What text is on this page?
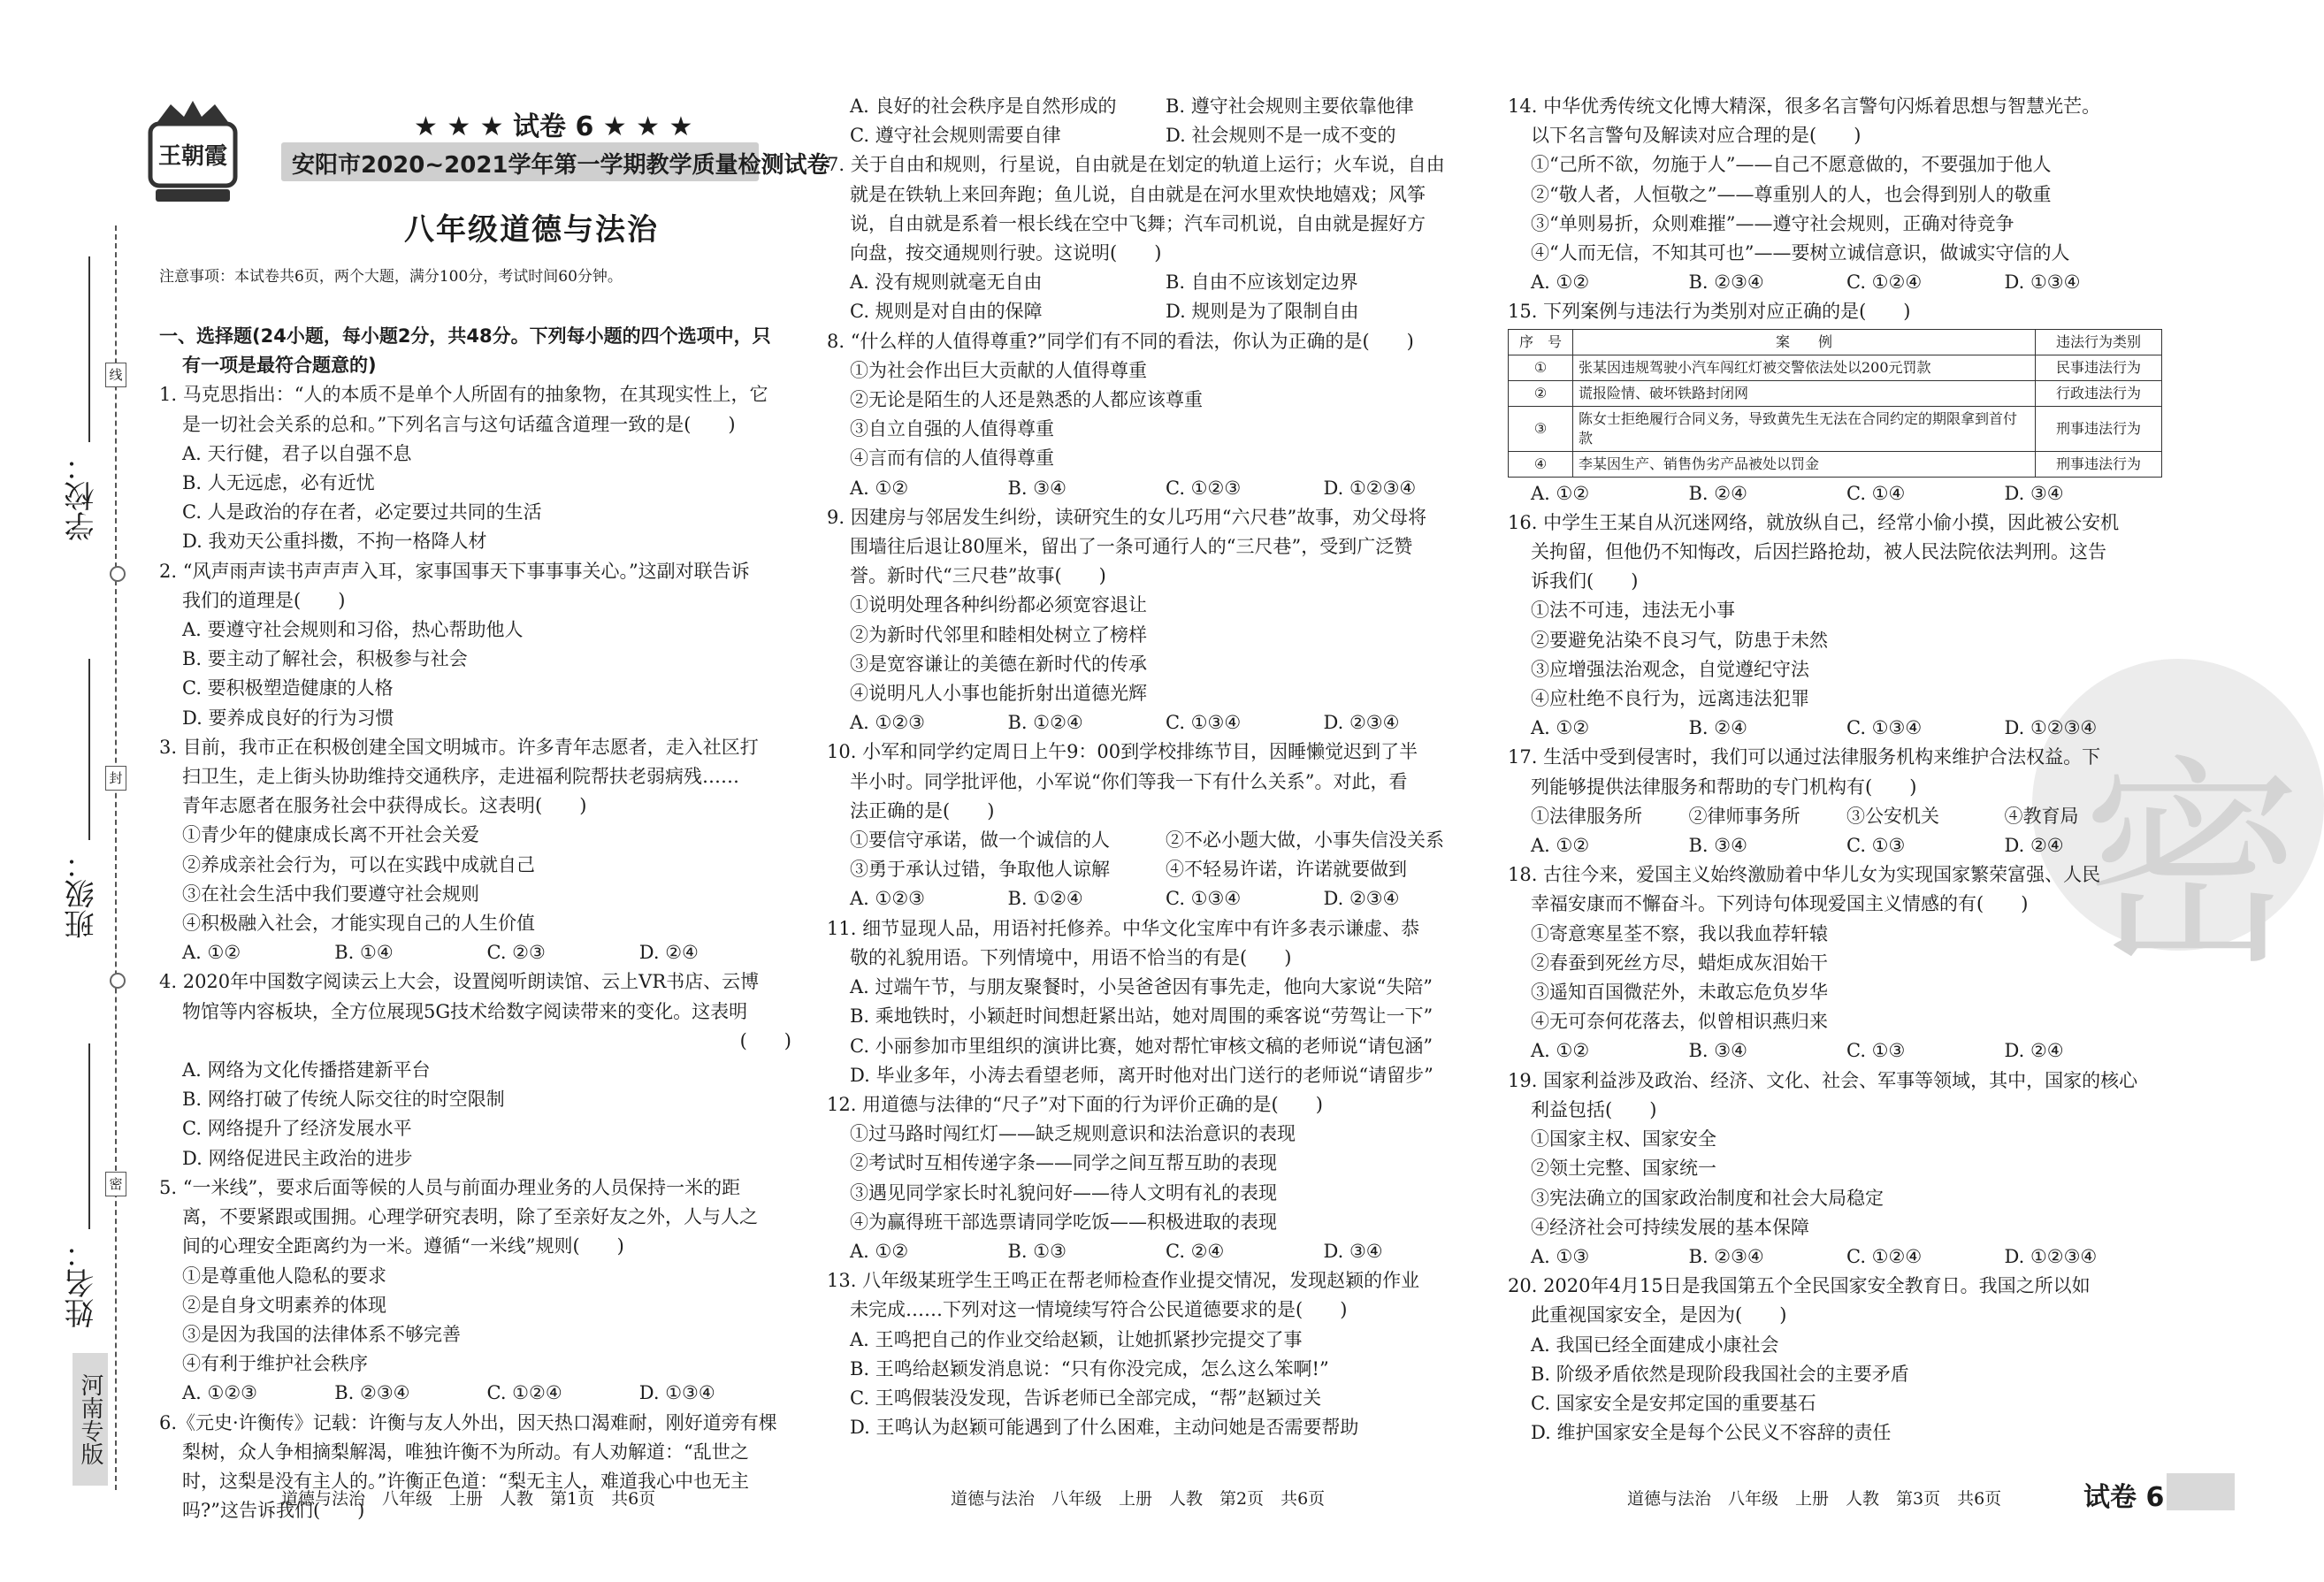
线
封
密
学校：
班级：
姓名：
河南专版
王朝霞
★ ★ ★ 试卷 6 ★ ★ ★
安阳市2020~2021学年第一学期教学质量检测试卷
八年级道德与法治
注意事项：本试卷共6页，两个大题，满分100分，考试时间60分钟。
密
一、选择题(24小题，每小题2分，共48分。下列每小题的四个选项中，只
有一项是最符合题意的)
1. 马克思指出：“人的本质不是单个人所固有的抽象物，在其现实性上，它
是一切社会关系的总和。”下列名言与这句话蕴含道理一致的是(　　)
A. 天行健，君子以自强不息
B. 人无远虑，必有近忧
C. 人是政治的存在者，必定要过共同的生活
D. 我劝天公重抖擞，不拘一格降人材
2. “风声雨声读书声声声入耳，家事国事天下事事事关心。”这副对联告诉
我们的道理是(　　)
A. 要遵守社会规则和习俗，热心帮助他人
B. 要主动了解社会，积极参与社会
C. 要积极塑造健康的人格
D. 要养成良好的行为习惯
3. 目前，我市正在积极创建全国文明城市。许多青年志愿者，走入社区打
扫卫生，走上街头协助维持交通秩序，走进福利院帮扶老弱病残……
青年志愿者在服务社会中获得成长。这表明(　　)
①青少年的健康成长离不开社会关爱
②养成亲社会行为，可以在实践中成就自己
③在社会生活中我们要遵守社会规则
④积极融入社会，才能实现自己的人生价值
A. ①②	B. ①④	C. ②③	D. ②④
4. 2020年中国数字阅读云上大会，设置阅听朗读馆、云上VR书店、云博
物馆等内容板块，全方位展现5G技术给数字阅读带来的变化。这表明
(　　)
A. 网络为文化传播搭建新平台
B. 网络打破了传统人际交往的时空限制
C. 网络提升了经济发展水平
D. 网络促进民主政治的进步
5. “一米线”，要求后面等候的人员与前面办理业务的人员保持一米的距
离，不要紧跟或围拥。心理学研究表明，除了至亲好友之外，人与人之
间的心理安全距离约为一米。遵循“一米线”规则(　　)
①是尊重他人隐私的要求
②是自身文明素养的体现
③是因为我国的法律体系不够完善
④有利于维护社会秩序
A. ①②③	B. ②③④	C. ①②④	D. ①③④
6.《元史·许衡传》记载：许衡与友人外出，因天热口渴难耐，刚好道旁有棵
梨树，众人争相摘梨解渴，唯独许衡不为所动。有人劝解道：“乱世之
时，这梨是没有主人的。”许衡正色道：“梨无主人，难道我心中也无主
吗?”这告诉我们(　　)
A. 良好的社会秩序是自然形成的	B. 遵守社会规则主要依靠他律
C. 遵守社会规则需要自律	D. 社会规则不是一成不变的
7. 关于自由和规则，行星说，自由就是在划定的轨道上运行；火车说，自由
就是在铁轨上来回奔跑；鱼儿说，自由就是在河水里欢快地嬉戏；风筝
说，自由就是系着一根长线在空中飞舞；汽车司机说，自由就是握好方
向盘，按交通规则行驶。这说明(　　)
A. 没有规则就毫无自由	B. 自由不应该划定边界
C. 规则是对自由的保障	D. 规则是为了限制自由
8. “什么样的人值得尊重?”同学们有不同的看法，你认为正确的是(　　)
①为社会作出巨大贡献的人值得尊重
②无论是陌生的人还是熟悉的人都应该尊重
③自立自强的人值得尊重
④言而有信的人值得尊重
A. ①②	B. ③④	C. ①②③	D. ①②③④
9. 因建房与邻居发生纠纷，读研究生的女儿巧用“六尺巷”故事，劝父母将
围墙往后退让80厘米，留出了一条可通行人的“三尺巷”，受到广泛赞
誉。新时代“三尺巷”故事(　　)
①说明处理各种纠纷都必须宽容退让
②为新时代邻里和睦相处树立了榜样
③是宽容谦让的美德在新时代的传承
④说明凡人小事也能折射出道德光辉
A. ①②③	B. ①②④	C. ①③④	D. ②③④
10. 小军和同学约定周日上午9：00到学校排练节目，因睡懒觉迟到了半
半小时。同学批评他，小军说“你们等我一下有什么关系”。对此，看
法正确的是(　　)
①要信守承诺，做一个诚信的人	②不必小题大做，小事失信没关系
③勇于承认过错，争取他人谅解	④不轻易许诺，许诺就要做到
A. ①②③	B. ①②④	C. ①③④	D. ②③④
11. 细节显现人品，用语衬托修养。中华文化宝库中有许多表示谦虚、恭
敬的礼貌用语。下列情境中，用语不恰当的有是(　　)
A. 过端午节，与朋友聚餐时，小吴爸爸因有事先走，他向大家说“失陪”
B. 乘地铁时，小颖赶时间想赶紧出站，她对周围的乘客说“劳驾让一下”
C. 小丽参加市里组织的演讲比赛，她对帮忙审核文稿的老师说“请包涵”
D. 毕业多年，小涛去看望老师，离开时他对出门送行的老师说“请留步”
12. 用道德与法律的“尺子”对下面的行为评价正确的是(　　)
①过马路时闯红灯——缺乏规则意识和法治意识的表现
②考试时互相传递字条——同学之间互帮互助的表现
③遇见同学家长时礼貌问好——待人文明有礼的表现
④为赢得班干部选票请同学吃饭——积极进取的表现
A. ①②	B. ①③	C. ②④	D. ③④
13. 八年级某班学生王鸣正在帮老师检查作业提交情况，发现赵颖的作业
未完成……下列对这一情境续写符合公民道德要求的是(　　)
A. 王鸣把自己的作业交给赵颖，让她抓紧抄完提交了事
B. 王鸣给赵颖发消息说：“只有你没完成，怎么这么笨啊!”
C. 王鸣假装没发现，告诉老师已全部完成，“帮”赵颖过关
D. 王鸣认为赵颖可能遇到了什么困难，主动问她是否需要帮助
14. 中华优秀传统文化博大精深，很多名言警句闪烁着思想与智慧光芒。
以下名言警句及解读对应合理的是(　　)
①“己所不欲，勿施于人”——自己不愿意做的，不要强加于他人
②“敬人者，人恒敬之”——尊重别人的人，也会得到别人的敬重
③“单则易折，众则难摧”——遵守社会规则，正确对待竞争
④“人而无信，不知其可也”——要树立诚信意识，做诚实守信的人
A. ①②	B. ②③④	C. ①②④	D. ①③④
15. 下列案例与违法行为类别对应正确的是(　　)
序　号	案　　例	违法行为类别
①	张某因违规驾驶小汽车闯红灯被交警依法处以200元罚款	民事违法行为
②	谎报险情、破坏铁路封闭网	行政违法行为
③	陈女士拒绝履行合同义务，导致黄先生无法在合同约定的期限拿到首付款	刑事违法行为
④	李某因生产、销售伪劣产品被处以罚金	刑事违法行为
A. ①②	B. ②④	C. ①④	D. ③④
16. 中学生王某自从沉迷网络，就放纵自己，经常小偷小摸，因此被公安机
关拘留，但他仍不知悔改，后因拦路抢劫，被人民法院依法判刑。这告
诉我们(　　)
①法不可违，违法无小事
②要避免沾染不良习气，防患于未然
③应增强法治观念，自觉遵纪守法
④应杜绝不良行为，远离违法犯罪
A. ①②	B. ②④	C. ①③④	D. ①②③④
17. 生活中受到侵害时，我们可以通过法律服务机构来维护合法权益。下
列能够提供法律服务和帮助的专门机构有(　　)
①法律服务所	②律师事务所	③公安机关	④教育局
A. ①②	B. ③④	C. ①③	D. ②④
18. 古往今来，爱国主义始终激励着中华儿女为实现国家繁荣富强、人民
幸福安康而不懈奋斗。下列诗句体现爱国主义情感的有(　　)
①寄意寒星荃不察，我以我血荐轩辕
②春蚕到死丝方尽，蜡炬成灰泪始干
③遥知百国微茫外，未敢忘危负岁华
④无可奈何花落去，似曾相识燕归来
A. ①②	B. ③④	C. ①③	D. ②④
19. 国家利益涉及政治、经济、文化、社会、军事等领域，其中，国家的核心
利益包括(　　)
①国家主权、国家安全
②领土完整、国家统一
③宪法确立的国家政治制度和社会大局稳定
④经济社会可持续发展的基本保障
A. ①③	B. ②③④	C. ①②④	D. ①②③④
20. 2020年4月15日是我国第五个全民国家安全教育日。我国之所以如
此重视国家安全，是因为(　　)
A. 我国已经全面建成小康社会
B. 阶级矛盾依然是现阶段我国社会的主要矛盾
C. 国家安全是安邦定国的重要基石
D. 维护国家安全是每个公民义不容辞的责任
道德与法治　八年级　上册　人教　第1页　共6页	道德与法治　八年级　上册　人教　第2页　共6页	道德与法治　八年级　上册　人教　第3页　共6页	试卷 6
